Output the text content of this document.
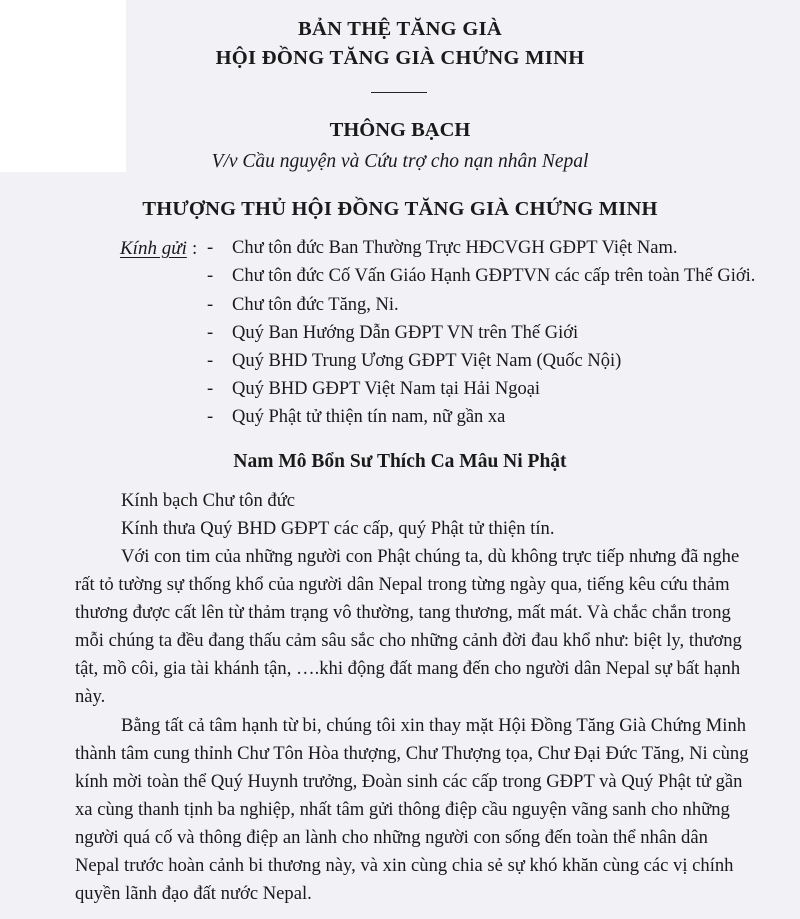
BẢN THỆ TĂNG GIÀ
HỘI ĐỒNG TĂNG GIÀ CHỨNG MINH
THÔNG BẠCH
V/v Cầu nguyện và Cứu trợ cho nạn nhân Nepal
THƯỢNG THỦ HỘI ĐỒNG TĂNG GIÀ CHỨNG MINH
Kính gửi : - Chư tôn đức Ban Thường Trực HĐCVGH GĐPT Việt Nam.
- Chư tôn đức Cố Vấn Giáo Hạnh GĐPTVN các cấp trên toàn Thế Giới.
- Chư tôn đức Tăng, Ni.
- Quý Ban Hướng Dẫn GĐPT VN trên Thế Giới
- Quý BHD Trung Ương GĐPT Việt Nam (Quốc Nội)
- Quý BHD GĐPT Việt Nam tại Hải Ngoại
- Quý Phật tử thiện tín nam, nữ gần xa
Nam Mô Bổn Sư Thích Ca Mâu Ni Phật
Kính bạch Chư tôn đức
Kính thưa Quý BHD GĐPT các cấp, quý Phật tử thiện tín.
Với con tim của những người con Phật chúng ta, dù không trực tiếp nhưng đã nghe
rất tỏ tường sự thống khổ của người dân Nepal trong từng ngày qua, tiếng kêu cứu thảm
thương được cất lên từ thảm trạng vô thường, tang thương, mất mát. Và chắc chắn trong
mỗi chúng ta đều đang thấu cảm sâu sắc cho những cảnh đời đau khổ như: biệt ly, thương
tật, mồ côi, gia tài khánh tận, ….khi động đất mang đến cho người dân Nepal sự bất hạnh
này.
Bằng tất cả tâm hạnh từ bi, chúng tôi xin thay mặt Hội Đồng Tăng Già Chứng Minh
thành tâm cung thỉnh Chư Tôn Hòa thượng, Chư Thượng tọa, Chư Đại Đức Tăng, Ni cùng
kính mời toàn thể Quý Huynh trưởng, Đoàn sinh các cấp trong GĐPT và Quý Phật tử gần
xa cùng thanh tịnh ba nghiệp, nhất tâm gửi thông điệp cầu nguyện vãng sanh cho những
người quá cố và thông điệp an lành cho những người con sống đến toàn thể nhân dân
Nepal trước hoàn cảnh bi thương này, và xin cùng chia sẻ sự khó khăn cùng các vị chính
quyền lãnh đạo đất nước Nepal.
